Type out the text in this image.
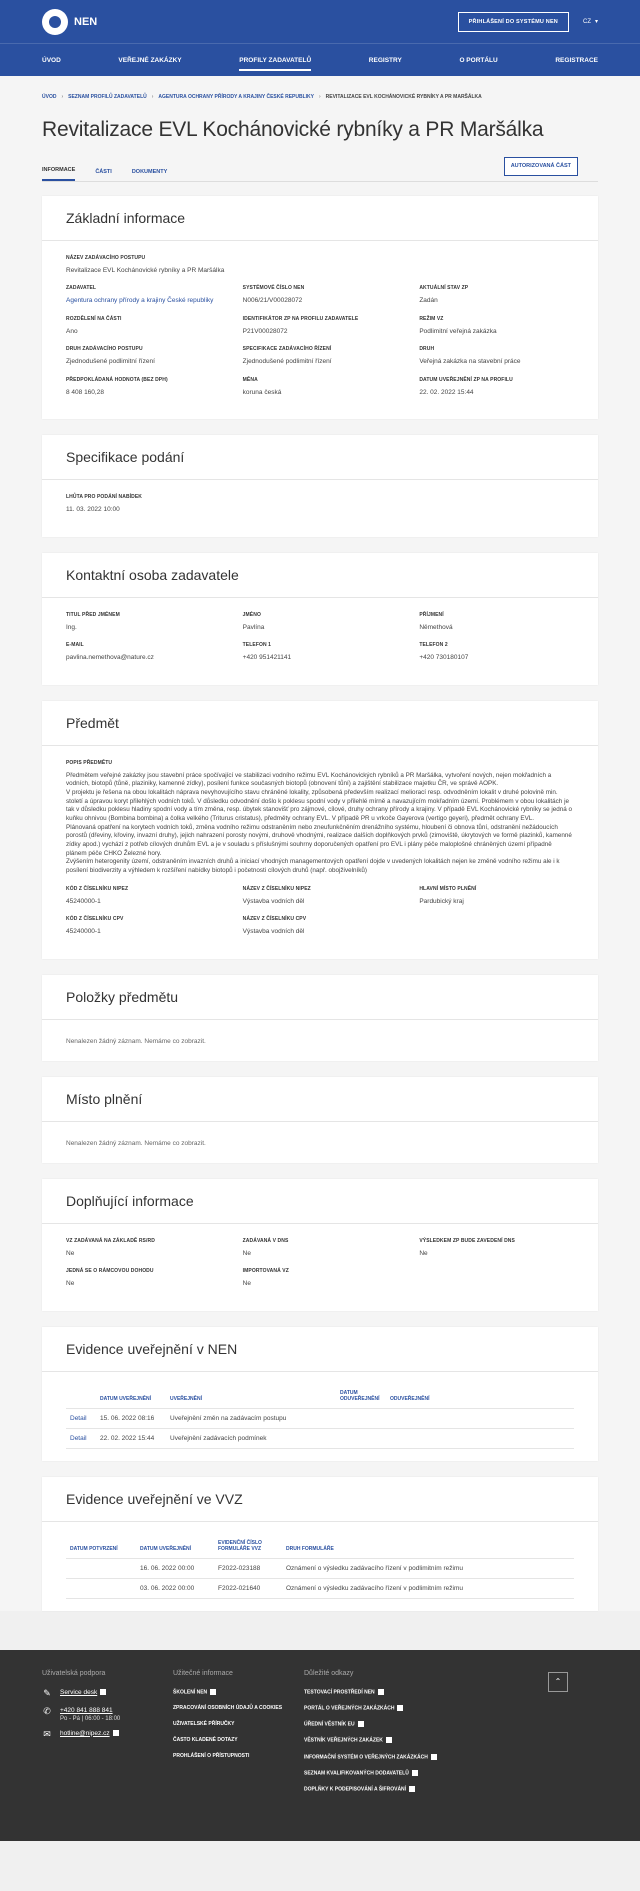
NEN	PŘIHLÁŠENÍ DO SYSTÉMU NEN	CZ ▾
ÚVOD	VEŘEJNÉ ZAKÁZKY	PROFILY ZADAVATELŮ	REGISTRY	O PORTÁLU	REGISTRACE
ÚVOD › SEZNAM PROFILŮ ZADAVATELŮ › AGENTURA OCHRANY PŘÍRODY A KRAJINY ČESKÉ REPUBLIKY › REVITALIZACE EVL KOCHÁNOVICKÉ RYBNÍKY A PR MARŠÁLKA
Revitalizace EVL Kochánovické rybníky a PR Maršálka
INFORMACE	ČÁSTI	DOKUMENTY
AUTORIZOVANÁ ČÁST
Základní informace
NÁZEV ZADÁVACÍHO POSTUPU
Revitalizace EVL Kochánovické rybníky a PR Maršálka
ZADAVATEL
Agentura ochrany přírody a krajiny České republiky
SYSTÉMOVÉ ČÍSLO NEN
N006/21/V00028072
AKTUÁLNÍ STAV ZP
Zadán
ROZDĚLENÍ NA ČÁSTI
Ano
IDENTIFIKÁTOR ZP NA PROFILU ZADAVATELE
P21V00028072
REŽIM VZ
Podlimitní veřejná zakázka
DRUH ZADÁVACÍHO POSTUPU
Zjednodušené podlimitní řízení
SPECIFIKACE ZADÁVACÍHO ŘÍZENÍ
Zjednodušené podlimitní řízení
DRUH
Veřejná zakázka na stavební práce
PŘEDPOKLÁDANÁ HODNOTA (BEZ DPH)
8 408 160,28
MĚNA
koruna česká
DATUM UVEŘEJNĚNÍ ZP NA PROFILU
22. 02. 2022 15:44
Specifikace podání
LHŮTA PRO PODÁNÍ NABÍDEK
11. 03. 2022 10:00
Kontaktní osoba zadavatele
TITUL PŘED JMÉNEM
Ing.
JMÉNO
Pavlína
PŘÍJMENÍ
Němethová
E-MAIL
pavlina.nemethova@nature.cz
TELEFON 1
+420 951421141
TELEFON 2
+420 730180107
Předmět
POPIS PŘEDMĚTU
Předmětem veřejné zakázky jsou stavební práce spočívající ve stabilizaci vodního režimu EVL Kochánovických rybníků a PR Maršálka, vytvoření nových, nejen mokřadních a vodních, biotopů (tůně, plaziniky, kamenné zídky), posílení funkce současných biotopů (obnovení tůní) a zajištění stabilizace majetku ČR, ve správě AOPK.
V projektu je řešena na obou lokalitách náprava nevyhovujícího stavu chráněné lokality, způsobená především realizací meliorací resp. odvodněním lokalit v druhé polovině min. století a úpravou koryt přilehlých vodních toků. V důsledku odvodnění došlo k poklesu spodní vody v přilehlé mírně a navazujícím mokřadním území. Problémem v obou lokalitách je tak v důsledku poklesu hladiny spodní vody a tím změna, resp. úbytek stanovišť pro zájmové, cílové, druhy ochrany přírody a krajiny. V případě EVL Kochánovické rybníky se jedná o kuňku ohnivou (Bombina bombina) a čolka velkého (Triturus cristatus), předměty ochrany EVL. V případě PR u vrkoče Gayerova (vertigo geyeri), předmět ochrany EVL.
Plánovaná opatření na korytech vodních toků, změna vodního režimu odstraněním nebo zneufunkčněním drenážního systému, hloubení či obnova tůní, odstranění nežádoucích porostů (dřeviny, křoviny, invazní druhy), jejich nahrazení porosty novými, druhově vhodnými, realizace dalších doplňkových prvků (zimoviště, úkrytových ve formě plazinků, kamenné zídky apod.) vychází z potřeb cílových druhům EVL a je v souladu s příslušnými souhrny doporučených opatření pro EVL i plány péče maloplošné chráněných území případně plánem péče CHKO Železné hory.
Zvýšením heterogenity území, odstraněním invazních druhů a iniciací vhodných managementových opatření dojde v uvedených lokalitách nejen ke změně vodního režimu ale i k posílení biodiverzity a výhledem k rozšíření nabídky biotopů i početnosti cílových druhů (např. obojživelníků)
KÓD Z ČÍSELNÍKU NIPEZ
45240000-1
NÁZEV Z ČÍSELNÍKU NIPEZ
Výstavba vodních děl
HLAVNÍ MÍSTO PLNĚNÍ
Pardubický kraj
KÓD Z ČÍSELNÍKU CPV
45240000-1
NÁZEV Z ČÍSELNÍKU CPV
Výstavba vodních děl
Položky předmětu
Nenalezen žádný záznam. Nemáme co zobrazit.
Místo plnění
Nenalezen žádný záznam. Nemáme co zobrazit.
Doplňující informace
VZ ZADÁVANÁ NA ZÁKLADĚ RS/RD
Ne
ZADÁVANÁ V DNS
Ne
VÝSLEDKEM ZP BUDE ZAVEDENÍ DNS
Ne
JEDNÁ SE O RÁMCOVOU DOHODU
Ne
IMPORTOVANÁ VZ
Ne
Evidence uveřejnění v NEN
	DATUM UVEŘEJNĚNÍ	UVEŘEJNĚNÍ	DATUM ODUVEŘEJNĚNÍ	ODUVEŘEJNĚNÍ
Detail	15. 06. 2022 08:16	Uveřejnění změn na zadávacím postupu		
Detail	22. 02. 2022 15:44	Uveřejnění zadávacích podmínek		
Evidence uveřejnění ve VVZ
DATUM POTVRZENÍ	DATUM UVEŘEJNĚNÍ	EVIDENČNÍ ČÍSLO FORMULÁŘE VVZ	DRUH FORMULÁŘE
	16. 06. 2022 00:00	F2022-023188	Oznámení o výsledku zadávacího řízení v podlimitním režimu
	03. 06. 2022 00:00	F2022-021640	Oznámení o výsledku zadávacího řízení v podlimitním režimu
Uživatelská podpora
✎ Service desk
✆ +420 841 888 841
Po - Pá | 06:00 - 18:00
✉ hotline@nipez.cz
Užitečné informace
ŠKOLENÍ NEN
ZPRACOVÁNÍ OSOBNÍCH ÚDAJŮ A COOKIES
UŽIVATELSKÉ PŘÍRUČKY
ČASTO KLADENÉ DOTAZY
PROHLÁŠENÍ O PŘÍSTUPNOSTI
Důležité odkazy
TESTOVACÍ PROSTŘEDÍ NEN
PORTÁL O VEŘEJNÝCH ZAKÁZKÁCH
ÚŘEDNÍ VĚSTNÍK EU
VĚSTNÍK VEŘEJNÝCH ZAKÁZEK
INFORMAČNÍ SYSTÉM O VEŘEJNÝCH ZAKÁZKÁCH
SEZNAM KVALIFIKOVANÝCH DODAVATELŮ
DOPLŇKY K PODEPISOVÁNÍ A ŠIFROVÁNÍ
⌃
